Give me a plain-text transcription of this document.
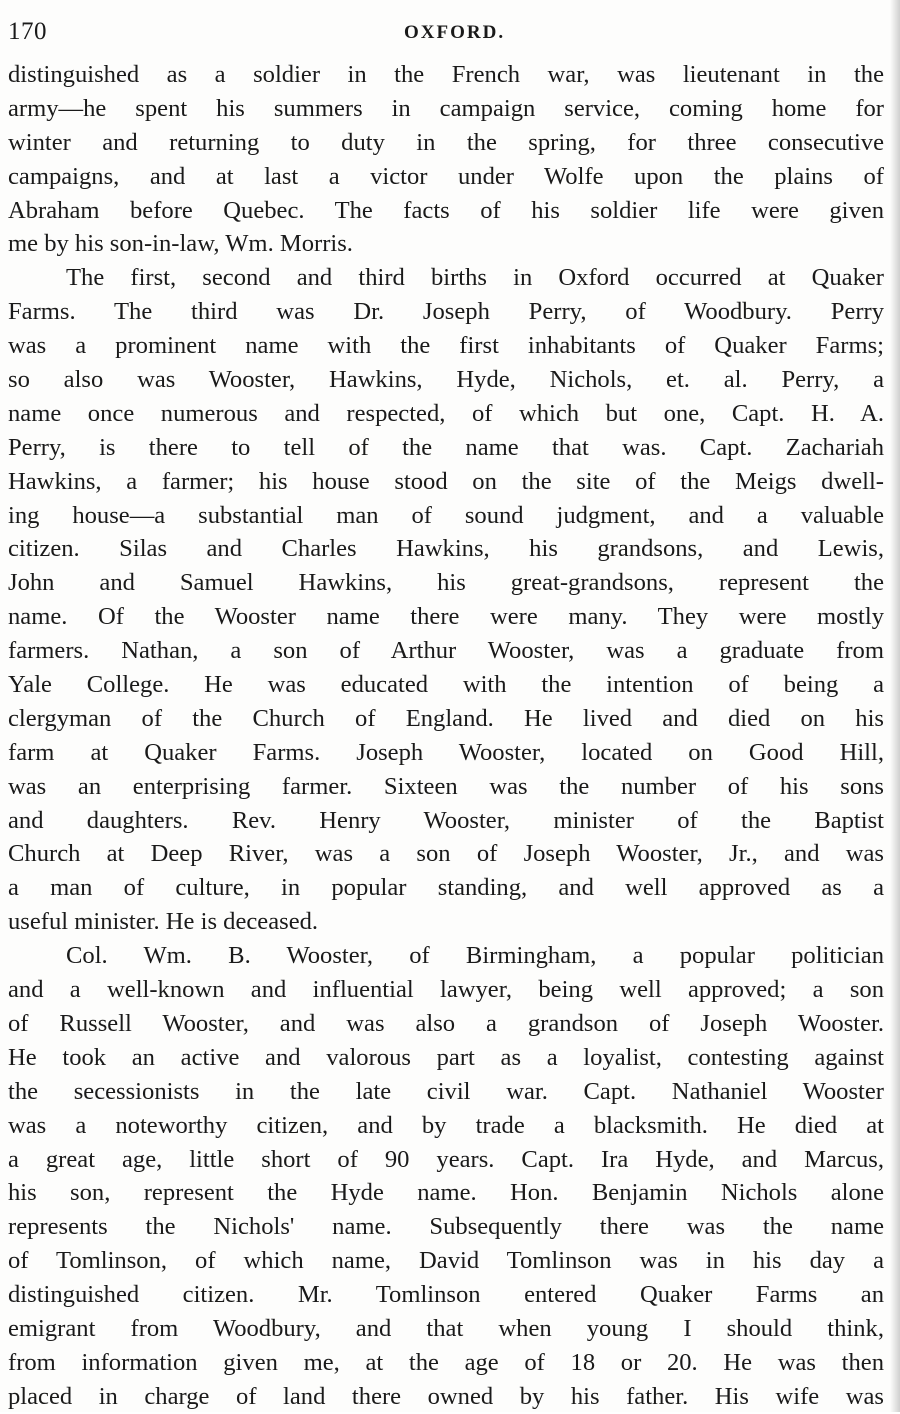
170	OXFORD.
distinguished as a soldier in the French war, was lieutenant in the
army—he spent his summers in campaign service, coming home for
winter and returning to duty in the spring, for three consecutive
campaigns, and at last a victor under Wolfe upon the plains of
Abraham before Quebec. The facts of his soldier life were given
me by his son-in-law, Wm. Morris.
The first, second and third births in Oxford occurred at Quaker
Farms. The third was Dr. Joseph Perry, of Woodbury. Perry
was a prominent name with the first inhabitants of Quaker Farms;
so also was Wooster, Hawkins, Hyde, Nichols, et. al. Perry, a
name once numerous and respected, of which but one, Capt. H. A.
Perry, is there to tell of the name that was. Capt. Zachariah
Hawkins, a farmer; his house stood on the site of the Meigs dwell-
ing house—a substantial man of sound judgment, and a valuable
citizen. Silas and Charles Hawkins, his grandsons, and Lewis,
John and Samuel Hawkins, his great-grandsons, represent the
name. Of the Wooster name there were many. They were mostly
farmers. Nathan, a son of Arthur Wooster, was a graduate from
Yale College. He was educated with the intention of being a
clergyman of the Church of England. He lived and died on his
farm at Quaker Farms. Joseph Wooster, located on Good Hill,
was an enterprising farmer. Sixteen was the number of his sons
and daughters. Rev. Henry Wooster, minister of the Baptist
Church at Deep River, was a son of Joseph Wooster, Jr., and was
a man of culture, in popular standing, and well approved as a
useful minister. He is deceased.
Col. Wm. B. Wooster, of Birmingham, a popular politician
and a well-known and influential lawyer, being well approved; a son
of Russell Wooster, and was also a grandson of Joseph Wooster.
He took an active and valorous part as a loyalist, contesting against
the secessionists in the late civil war. Capt. Nathaniel Wooster
was a noteworthy citizen, and by trade a blacksmith. He died at
a great age, little short of 90 years. Capt. Ira Hyde, and Marcus,
his son, represent the Hyde name. Hon. Benjamin Nichols alone
represents the Nichols' name. Subsequently there was the name
of Tomlinson, of which name, David Tomlinson was in his day a
distinguished citizen. Mr. Tomlinson entered Quaker Farms an
emigrant from Woodbury, and that when young I should think,
from information given me, at the age of 18 or 20. He was then
placed in charge of land there owned by his father. His wife was
